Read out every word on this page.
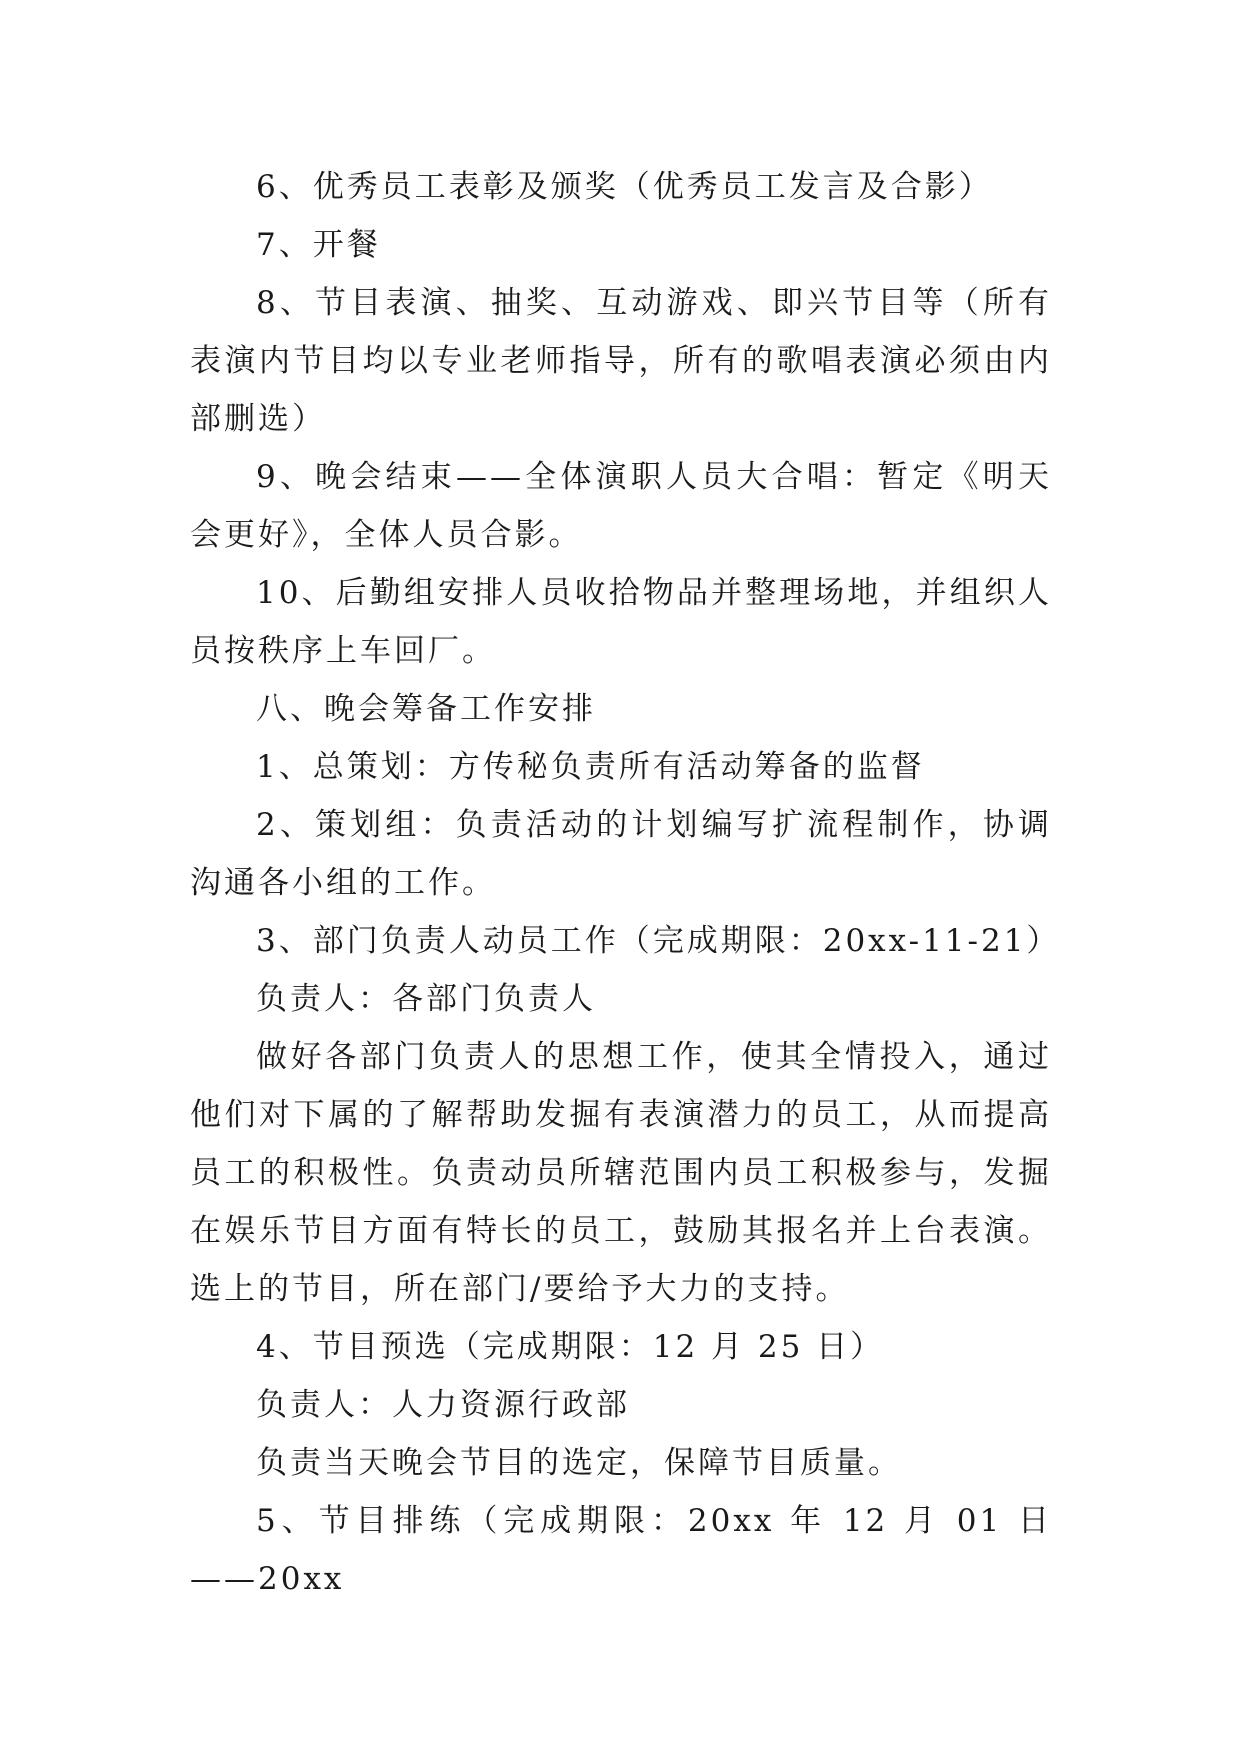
6、优秀员工表彰及颁奖（优秀员工发言及合影）

7、开餐

8、节目表演、抽奖、互动游戏、即兴节目等（所有表演内节目均以专业老师指导，所有的歌唱表演必须由内部删选）

9、晚会结束——全体演职人员大合唱：暂定《明天会更好》，全体人员合影。

10、后勤组安排人员收拾物品并整理场地，并组织人员按秩序上车回厂。

八、晚会筹备工作安排

1、总策划：方传秘负责所有活动筹备的监督

2、策划组：负责活动的计划编写扩流程制作，协调沟通各小组的工作。

3、部门负责人动员工作（完成期限：20xx-11-21）

负责人：各部门负责人

做好各部门负责人的思想工作，使其全情投入，通过他们对下属的了解帮助发掘有表演潜力的员工，从而提高员工的积极性。负责动员所辖范围内员工积极参与，发掘在娱乐节目方面有特长的员工，鼓励其报名并上台表演。选上的节目，所在部门/要给予大力的支持。

4、节目预选（完成期限：12 月 25 日）

负责人：人力资源行政部

负责当天晚会节目的选定，保障节目质量。

5、节目排练（完成期限：20xx 年 12 月 01 日——20xx
